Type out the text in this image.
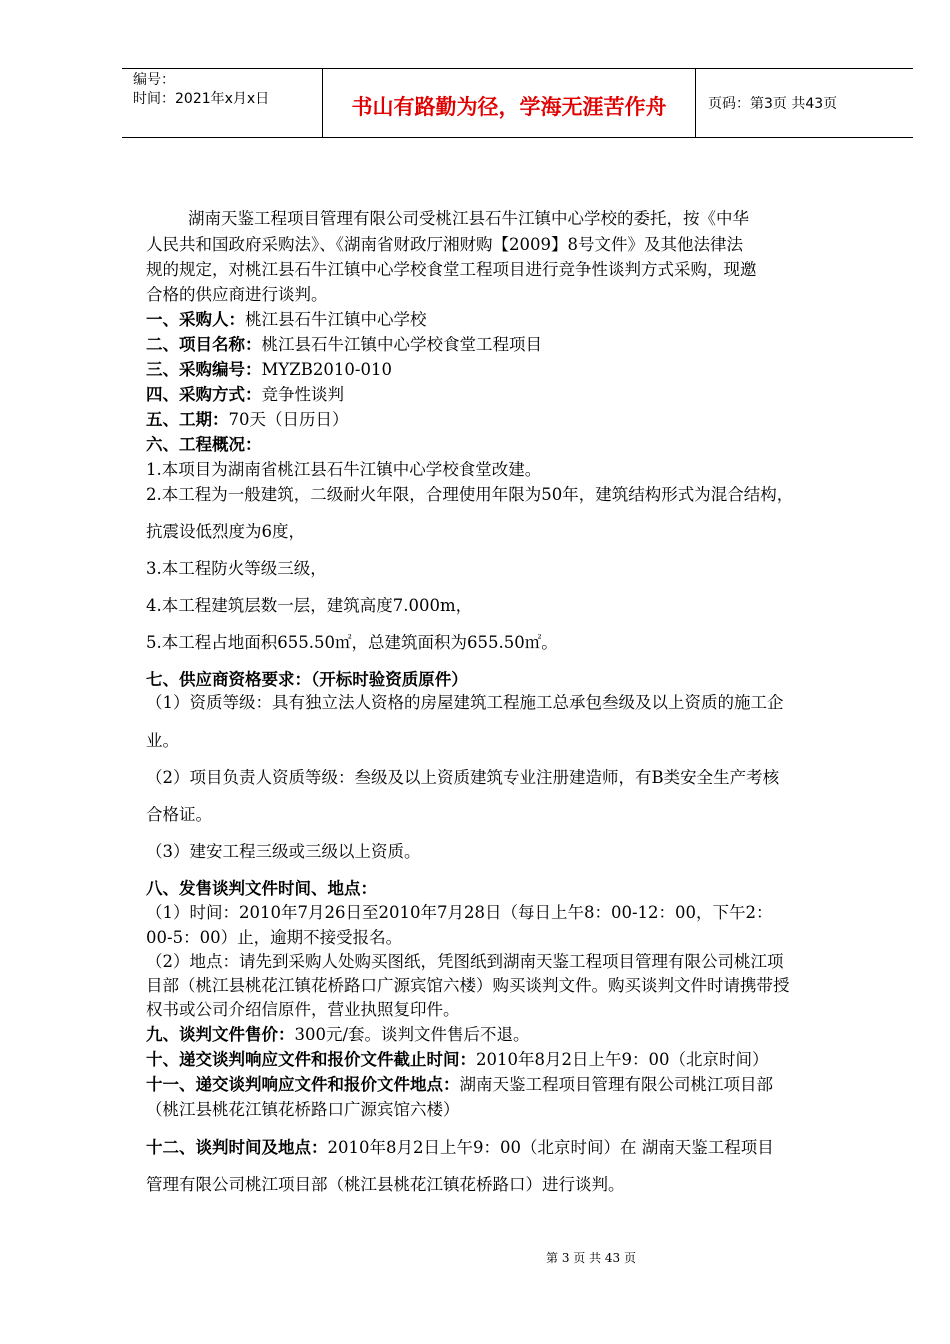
编号：
时间：2021年x月x日	书山有路勤为径，学海无涯苦作舟	页码：第3页 共43页
湖南天鉴工程项目管理有限公司受桃江县石牛江镇中心学校的委托，按《中华
人民共和国政府采购法》、《湖南省财政厅湘财购【2009】8号文件》及其他法律法
规的规定，对桃江县石牛江镇中心学校食堂工程项目进行竞争性谈判方式采购，现邀
合格的供应商进行谈判。
一、采购人：桃江县石牛江镇中心学校
二、项目名称：桃江县石牛江镇中心学校食堂工程项目
三、采购编号：MYZB2010-010
四、采购方式：竞争性谈判
五、工期：70天（日历日）
六、工程概况：
1.本项目为湖南省桃江县石牛江镇中心学校食堂改建。
2.本工程为一般建筑，二级耐火年限，合理使用年限为50年，建筑结构形式为混合结构，
抗震设低烈度为6度，
3.本工程防火等级三级，
4.本工程建筑层数一层，建筑高度7.000m，
5.本工程占地面积655.50㎡，总建筑面积为655.50㎡。
七、供应商资格要求：（开标时验资质原件）
（1）资质等级：具有独立法人资格的房屋建筑工程施工总承包叁级及以上资质的施工企
业。
（2）项目负责人资质等级：叁级及以上资质建筑专业注册建造师，有B类安全生产考核
合格证。
（3）建安工程三级或三级以上资质。
八、发售谈判文件时间、地点：
（1）时间：2010年7月26日至2010年7月28日（每日上午8：00-12：00，下午2：
00-5：00）止，逾期不接受报名。
（2）地点：请先到采购人处购买图纸，凭图纸到湖南天鉴工程项目管理有限公司桃江项
目部（桃江县桃花江镇花桥路口广源宾馆六楼）购买谈判文件。购买谈判文件时请携带授
权书或公司介绍信原件，营业执照复印件。
九、谈判文件售价：300元/套。谈判文件售后不退。
十、递交谈判响应文件和报价文件截止时间：2010年8月2日上午9：00（北京时间）
十一、递交谈判响应文件和报价文件地点：湖南天鉴工程项目管理有限公司桃江项目部
（桃江县桃花江镇花桥路口广源宾馆六楼）
十二、谈判时间及地点：2010年8月2日上午9：00（北京时间）在 湖南天鉴工程项目
管理有限公司桃江项目部（桃江县桃花江镇花桥路口）进行谈判。
第 3 页 共 43 页
